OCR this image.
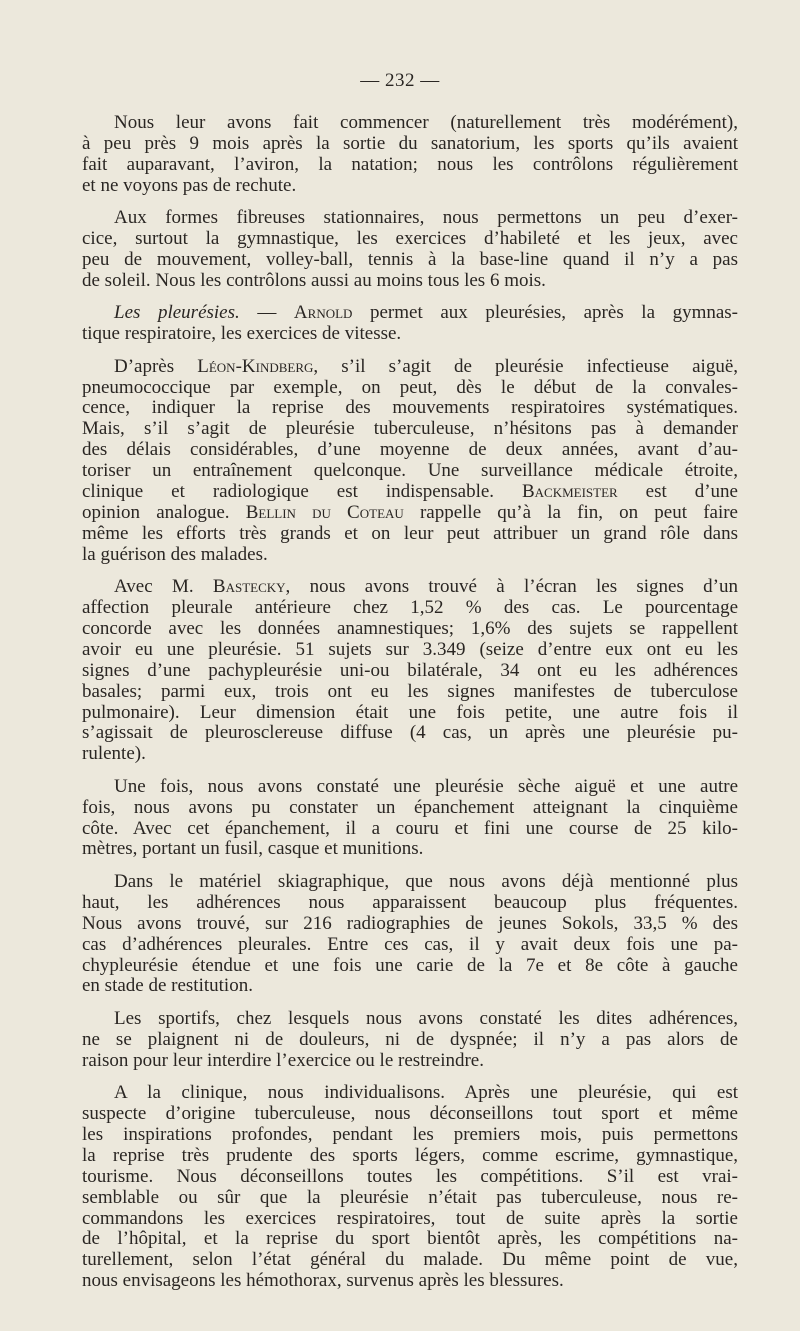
— 232 —
Nous leur avons fait commencer (naturellement très modérément),
à peu près 9 mois après la sortie du sanatorium, les sports qu’ils avaient
fait auparavant, l’aviron, la natation; nous les contrôlons régulièrement
et ne voyons pas de rechute.
Aux formes fibreuses stationnaires, nous permettons un peu d’exer-
cice, surtout la gymnastique, les exercices d’habileté et les jeux, avec
peu de mouvement, volley-ball, tennis à la base-line quand il n’y a pas
de soleil. Nous les contrôlons aussi au moins tous les 6 mois.
Les pleurésies. — Arnold permet aux pleurésies, après la gymnas-
tique respiratoire, les exercices de vitesse.
D’après Léon-Kindberg, s’il s’agit de pleurésie infectieuse aiguë,
pneumococcique par exemple, on peut, dès le début de la convales-
cence, indiquer la reprise des mouvements respiratoires systématiques.
Mais, s’il s’agit de pleurésie tuberculeuse, n’hésitons pas à demander
des délais considérables, d’une moyenne de deux années, avant d’au-
toriser un entraînement quelconque. Une surveillance médicale étroite,
clinique et radiologique est indispensable. Backmeister est d’une
opinion analogue. Bellin du Coteau rappelle qu’à la fin, on peut faire
même les efforts très grands et on leur peut attribuer un grand rôle dans
la guérison des malades.
Avec M. Bastecky, nous avons trouvé à l’écran les signes d’un
affection pleurale antérieure chez 1,52 % des cas. Le pourcentage
concorde avec les données anamnestiques; 1,6% des sujets se rappellent
avoir eu une pleurésie. 51 sujets sur 3.349 (seize d’entre eux ont eu les
signes d’une pachypleurésie uni-ou bilatérale, 34 ont eu les adhérences
basales; parmi eux, trois ont eu les signes manifestes de tuberculose
pulmonaire). Leur dimension était une fois petite, une autre fois il
s’agissait de pleurosclereuse diffuse (4 cas, un après une pleurésie pu-
rulente).
Une fois, nous avons constaté une pleurésie sèche aiguë et une autre
fois, nous avons pu constater un épanchement atteignant la cinquième
côte. Avec cet épanchement, il a couru et fini une course de 25 kilo-
mètres, portant un fusil, casque et munitions.
Dans le matériel skiagraphique, que nous avons déjà mentionné plus
haut, les adhérences nous apparaissent beaucoup plus fréquentes.
Nous avons trouvé, sur 216 radiographies de jeunes Sokols, 33,5 % des
cas d’adhérences pleurales. Entre ces cas, il y avait deux fois une pa-
chypleurésie étendue et une fois une carie de la 7e et 8e côte à gauche
en stade de restitution.
Les sportifs, chez lesquels nous avons constaté les dites adhérences,
ne se plaignent ni de douleurs, ni de dyspnée; il n’y a pas alors de
raison pour leur interdire l’exercice ou le restreindre.
A la clinique, nous individualisons. Après une pleurésie, qui est
suspecte d’origine tuberculeuse, nous déconseillons tout sport et même
les inspirations profondes, pendant les premiers mois, puis permettons
la reprise très prudente des sports légers, comme escrime, gymnastique,
tourisme. Nous déconseillons toutes les compétitions. S’il est vrai-
semblable ou sûr que la pleurésie n’était pas tuberculeuse, nous re-
commandons les exercices respiratoires, tout de suite après la sortie
de l’hôpital, et la reprise du sport bientôt après, les compétitions na-
turellement, selon l’état général du malade. Du même point de vue,
nous envisageons les hémothorax, survenus après les blessures.
